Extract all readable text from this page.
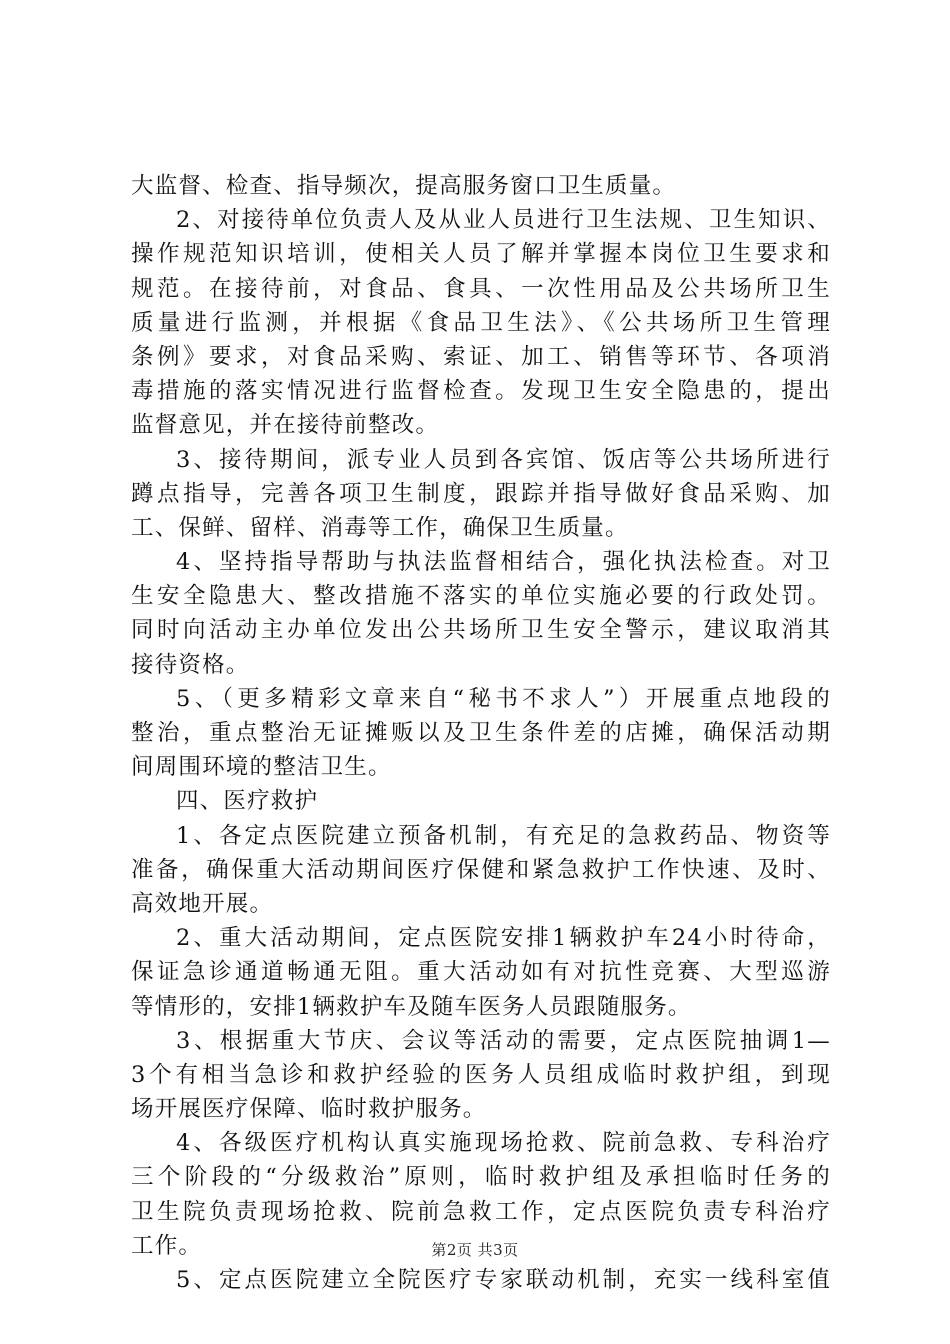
大监督、检查、指导频次，提高服务窗口卫生质量。
2、对接待单位负责人及从业人员进行卫生法规、卫生知识、
操作规范知识培训，使相关人员了解并掌握本岗位卫生要求和
规范。在接待前，对食品、食具、一次性用品及公共场所卫生
质量进行监测，并根据《食品卫生法》、《公共场所卫生管理
条例》要求，对食品采购、索证、加工、销售等环节、各项消
毒措施的落实情况进行监督检查。发现卫生安全隐患的，提出
监督意见，并在接待前整改。
3、接待期间，派专业人员到各宾馆、饭店等公共场所进行
蹲点指导，完善各项卫生制度，跟踪并指导做好食品采购、加
工、保鲜、留样、消毒等工作，确保卫生质量。
4、坚持指导帮助与执法监督相结合，强化执法检查。对卫
生安全隐患大、整改措施不落实的单位实施必要的行政处罚。
同时向活动主办单位发出公共场所卫生安全警示，建议取消其
接待资格。
5、（更多精彩文章来自“秘书不求人”）开展重点地段的
整治，重点整治无证摊贩以及卫生条件差的店摊，确保活动期
间周围环境的整洁卫生。
四、医疗救护
1、各定点医院建立预备机制，有充足的急救药品、物资等
准备，确保重大活动期间医疗保健和紧急救护工作快速、及时、
高效地开展。
2、重大活动期间，定点医院安排1辆救护车24小时待命，
保证急诊通道畅通无阻。重大活动如有对抗性竞赛、大型巡游
等情形的，安排1辆救护车及随车医务人员跟随服务。
3、根据重大节庆、会议等活动的需要，定点医院抽调1—
3个有相当急诊和救护经验的医务人员组成临时救护组，到现
场开展医疗保障、临时救护服务。
4、各级医疗机构认真实施现场抢救、院前急救、专科治疗
三个阶段的“分级救治”原则，临时救护组及承担临时任务的
卫生院负责现场抢救、院前急救工作，定点医院负责专科治疗
工作。
5、定点医院建立全院医疗专家联动机制，充实一线科室值
第2页 共3页
